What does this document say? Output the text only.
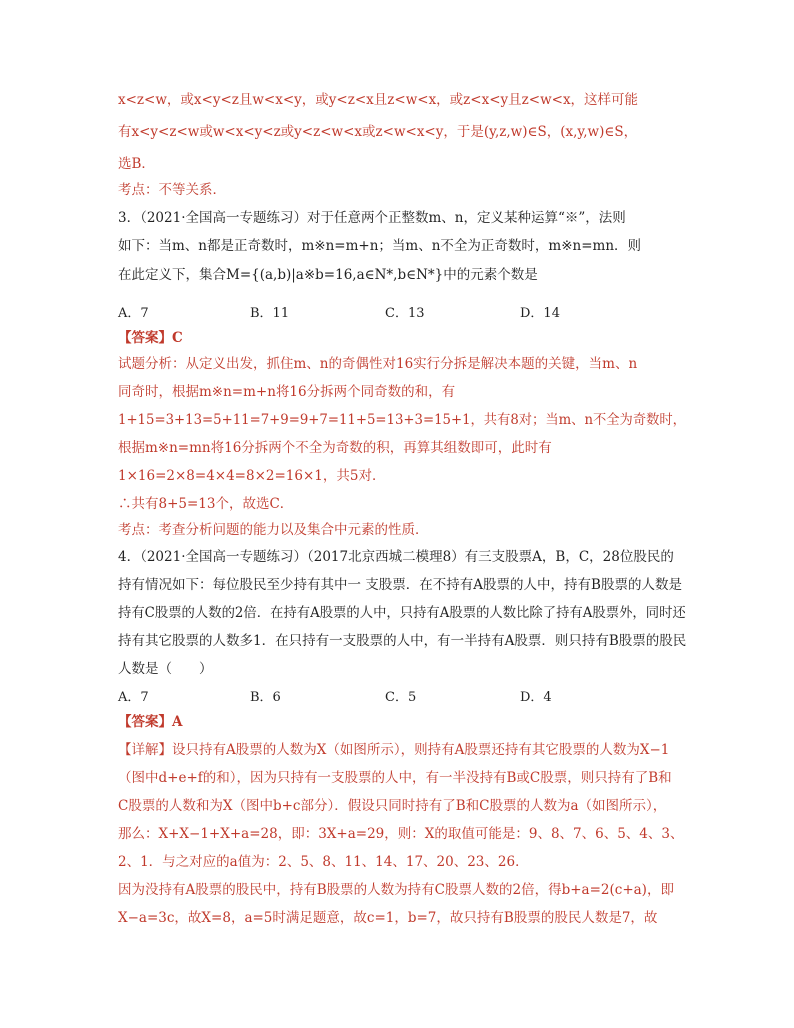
x<z<w，或x<y<z且w<x<y，或y<z<x且z<w<x，或z<x<y且z<w<x，这样可能
有x<y<z<w或w<x<y<z或y<z<w<x或z<w<x<y，于是(y,z,w)∈S，(x,y,w)∈S，
选B．
考点：不等关系．
3．（2021·全国高一专题练习）对于任意两个正整数m、n，定义某种运算“※”，法则
如下：当m、n都是正奇数时，m※n=m+n；当m、n不全为正奇数时，m※n=mn．则
在此定义下，集合M={(a,b)|a※b=16,a∈N*,b∈N*}中的元素个数是
A．7	B．11	C．13	D．14
【答案】C
试题分析：从定义出发，抓住m、n的奇偶性对16实行分拆是解决本题的关键，当m、n
同奇时，根据m※n=m+n将16分拆两个同奇数的和，有
1+15=3+13=5+11=7+9=9+7=11+5=13+3=15+1，共有8对；当m、n不全为奇数时，
根据m※n=mn将16分拆两个不全为奇数的积，再算其组数即可，此时有
1×16=2×8=4×4=8×2=16×1，共5对．
∴共有8+5=13个，故选C．
考点：考查分析问题的能力以及集合中元素的性质．
4．（2021·全国高一专题练习）（2017北京西城二模理8）有三支股票A，B，C，28位股民的
持有情况如下：每位股民至少持有其中一 支股票．在不持有A股票的人中，持有B股票的人数是
持有C股票的人数的2倍．在持有A股票的人中，只持有A股票的人数比除了持有A股票外，同时还
持有其它股票的人数多1．在只持有一支股票的人中，有一半持有A股票．则只持有B股票的股民
人数是（　　）
A．7	B．6	C．5	D．4
【答案】A
【详解】设只持有A股票的人数为X（如图所示），则持有A股票还持有其它股票的人数为X−1
（图中d+e+f的和），因为只持有一支股票的人中，有一半没持有B或C股票，则只持有了B和
C股票的人数和为X（图中b+c部分）．假设只同时持有了B和C股票的人数为a（如图所示），
那么：X+X−1+X+a=28，即：3X+a=29，则：X的取值可能是：9、8、7、6、5、4、3、
2、1．与之对应的a值为：2、5、8、11、14、17、20、23、26．
因为没持有A股票的股民中，持有B股票的人数为持有C股票人数的2倍，得b+a=2(c+a)，即
X−a=3c，故X=8，a=5时满足题意，故c=1，b=7，故只持有B股票的股民人数是7，故
